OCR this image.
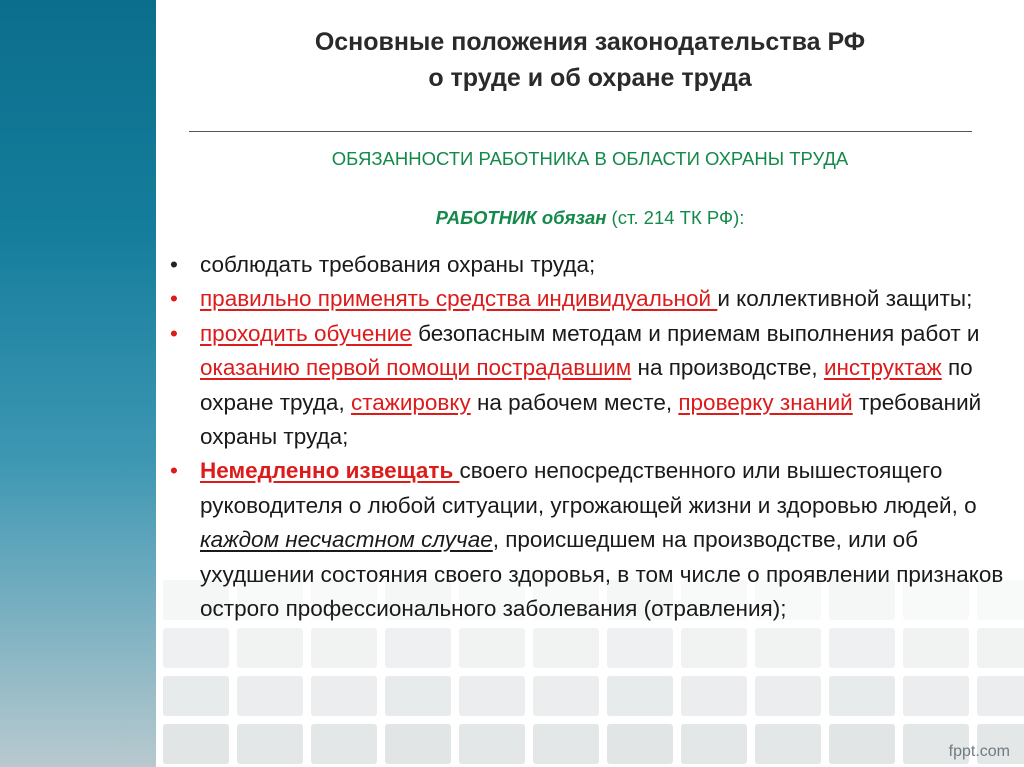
Основные положения законодательства РФ
о труде и об охране труда
ОБЯЗАННОСТИ РАБОТНИКА В ОБЛАСТИ ОХРАНЫ ТРУДА
РАБОТНИК обязан (ст. 214 ТК РФ):
• соблюдать требования охраны труда;
• правильно применять средства индивидуальной и коллективной защиты;
• проходить обучение безопасным методам и приемам выполнения работ и оказанию первой помощи пострадавшим на производстве, инструктаж по охране труда, стажировку на рабочем месте, проверку знаний требований охраны труда;
• Немедленно извещать своего непосредственного или вышестоящего руководителя о любой ситуации, угрожающей жизни и здоровью людей, о каждом несчастном случае, происшедшем на производстве, или об ухудшении состояния своего здоровья, в том числе о проявлении признаков острого профессионального заболевания (отравления);
fppt.com
